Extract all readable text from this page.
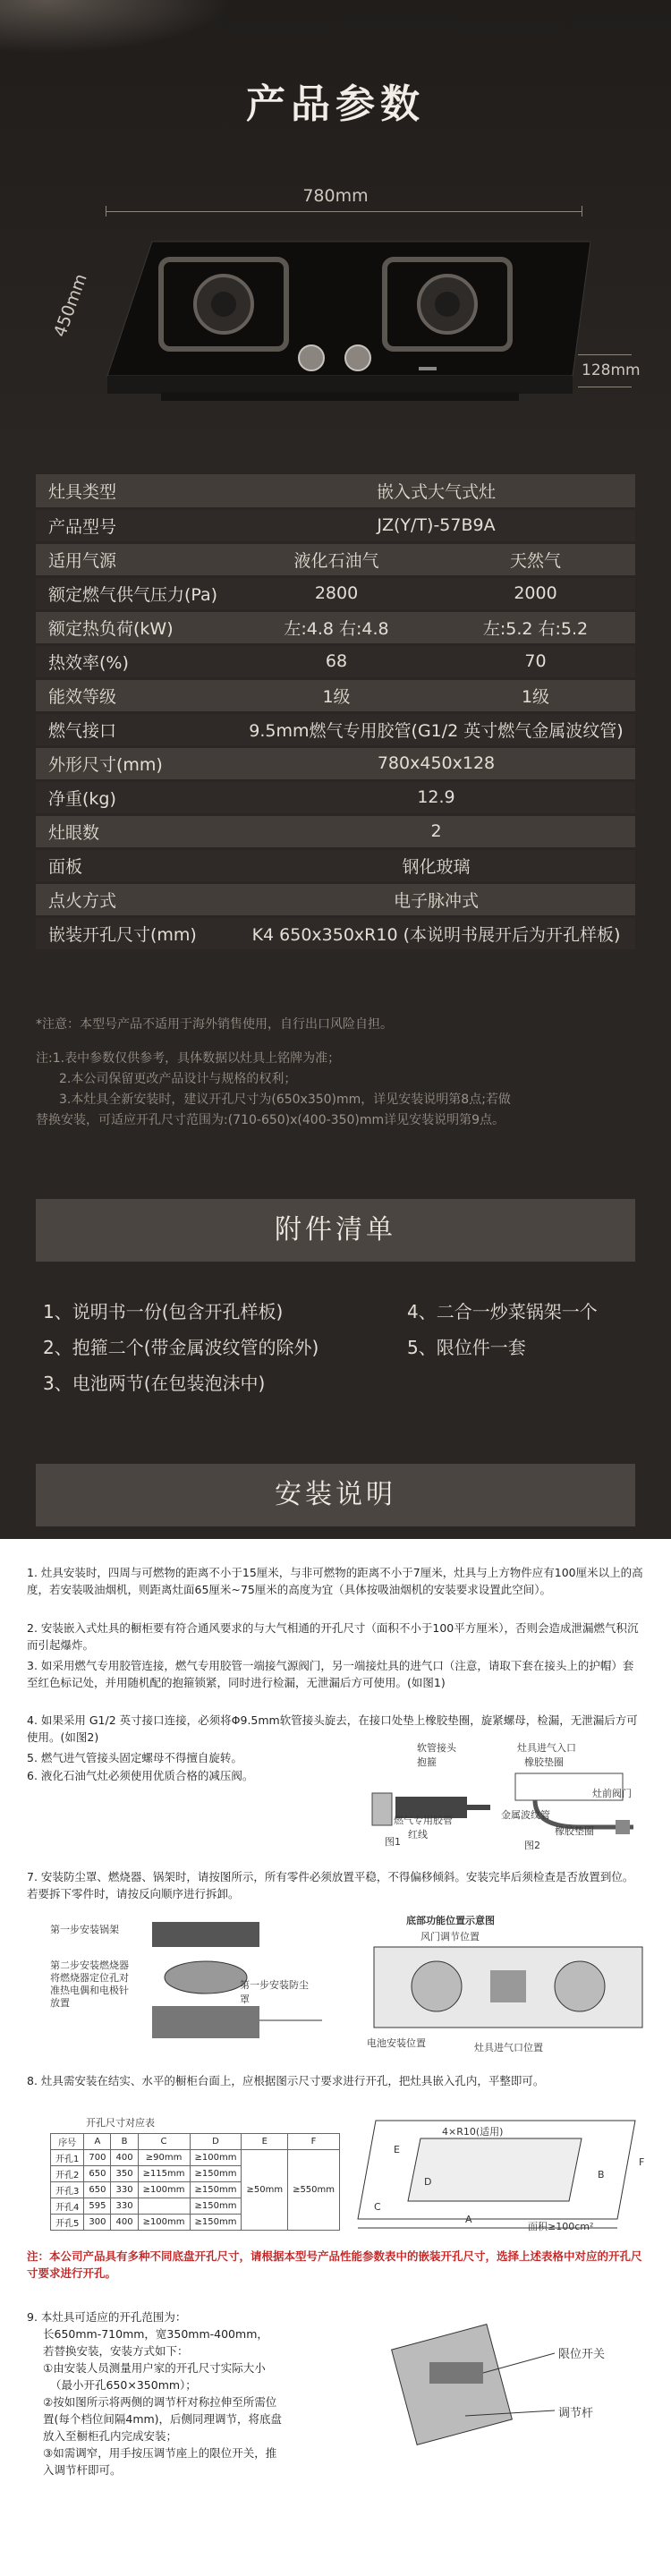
产品参数
780mm
450mm
128mm
灶具类型	嵌入式大气式灶	
产品型号	JZ(Y/T)-57B9A	
适用气源	液化石油气	天然气
额定燃气供气压力(Pa)	2800	2000
额定热负荷(kW)	左:4.8 右:4.8	左:5.2 右:5.2
热效率(%)	68	70
能效等级	1级	1级
燃气接口	9.5mm燃气专用胶管(G1/2 英寸燃气金属波纹管)	
外形尺寸(mm)	780x450x128	
净重(kg)	12.9	
灶眼数	2	
面板	钢化玻璃	
点火方式	电子脉冲式	
嵌装开孔尺寸(mm)	K4 650x350xR10 (本说明书展开后为开孔样板)	
*注意：本型号产品不适用于海外销售使用，自行出口风险自担。
注:1.表中参数仅供参考，具体数据以灶具上铭牌为准；
2.本公司保留更改产品设计与规格的权利；
3.本灶具全新安装时，建议开孔尺寸为(650x350)mm，详见安装说明第8点;若做
替换安装，可适应开孔尺寸范围为:(710-650)x(400-350)mm详见安装说明第9点。
附件清单
1、说明书一份(包含开孔样板)	4、二合一炒菜锅架一个
2、抱箍二个(带金属波纹管的除外)	5、限位件一套
3、电池两节(在包装泡沫中)
安装说明

1. 灶具安装时，四周与可燃物的距离不小于15厘米，与非可燃物的距离不小于7厘米，灶具与上方物件应有100厘米以上的高度，若安装吸油烟机，则距离灶面65厘米~75厘米的高度为宜（具体按吸油烟机的安装要求设置此空间）。

2. 安装嵌入式灶具的橱柜要有符合通风要求的与大气相通的开孔尺寸（面积不小于100平方厘米），否则会造成泄漏燃气积沉而引起爆炸。

3. 如采用燃气专用胶管连接，燃气专用胶管一端接气源阀门，另一端接灶具的进气口（注意，请取下套在接头上的护帽）套至红色标记处，并用随机配的抱箍锁紧，同时进行检漏，无泄漏后方可使用。(如图1)

4. 如果采用 G1/2 英寸接口连接，必须将Φ9.5mm软管接头旋去，在接口处垫上橡胶垫圈，旋紧螺母，检漏，无泄漏后方可使用。(如图2)

5. 燃气进气管接头固定螺母不得擅自旋转。

6. 液化石油气灶必须使用优质合格的减压阀。

软管接头
抱箍
燃气专用胶管
红线
图1
灶具进气入口
橡胶垫圈
灶前阀门
金属波纹管
橡胶垫圈
图2

7. 安装防尘罩、燃烧器、锅架时，请按图所示，所有零件必须放置平稳，不得偏移倾斜。安装完毕后须检查是否放置到位。若要拆下零件时，请按反向顺序进行拆卸。

第一步安装锅架
第二步安装燃烧器将燃烧器定位孔对准热电偶和电极针放置
第一步安装防尘罩
底部功能位置示意图
风门调节位置
电池安装位置	灶具进气口位置

8. 灶具需安装在结实、水平的橱柜台面上，应根据图示尺寸要求进行开孔，把灶具嵌入孔内，平整即可。

开孔尺寸对应表

注：本公司产品具有多种不同底盘开孔尺寸，请根据本型号产品性能参数表中的嵌装开孔尺寸，选择上述表格中对应的开孔尺寸要求进行开孔。

4×R10(适用)
E
D
C
A
B
F
面积≥100cm²

9. 本灶具可适应的开孔范围为：

长650mm-710mm，宽350mm-400mm，

若替换安装，安装方式如下：

①由安装人员测量用户家的开孔尺寸实际大小

（最小开孔650×350mm）；

②按如图所示将两侧的调节杆对称拉伸至所需位

置(每个档位间隔4mm)，后侧同理调节，将底盘

放入至橱柜孔内完成安装；

③如需调窄，用手按压调节座上的限位开关，推

入调节杆即可。

限位开关
调节杆
序号	A	B	C	D	E	F
开孔1	700	400	≥90mm	≥100mm	≥50mm	≥550mm
开孔2	650	350	≥115mm	≥150mm		
开孔3	650	330	≥100mm	≥150mm		
开孔4	595	330		≥150mm		
开孔5	300	400	≥100mm	≥150mm		
